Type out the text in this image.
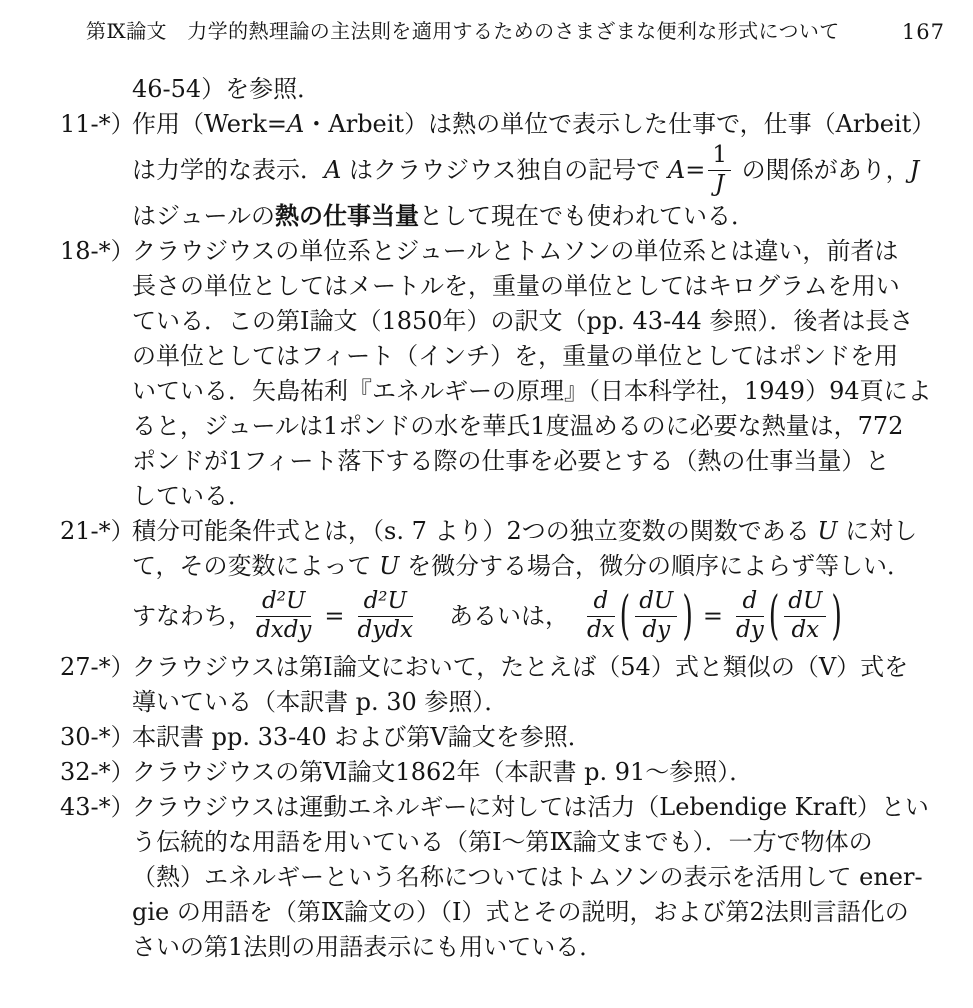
第Ⅸ論文　力学的熱理論の主法則を適用するためのさまざまな便利な形式について	167
46-54）を参照．
11-*）
作用（Werk=A・Arbeit）は熱の単位で表示した仕事で，仕事（Arbeit）
は力学的な表示． A はクラウジウス独自の記号で $A = \frac{1}{J}$ の関係があり， J
はジュールの熱の仕事当量として現在でも使われている．
18-*）
クラウジウスの単位系とジュールとトムソンの単位系とは違い，前者は
長さの単位としてはメートルを，重量の単位としてはキログラムを用い
ている．この第Ⅰ論文（1850年）の訳文（pp. 43-44 参照）．後者は長さ
の単位としてはフィート（インチ）を，重量の単位としてはポンドを用
いている．矢島祐利『エネルギーの原理』（日本科学社，1949）94頁によ
ると，ジュールは1ポンドの水を華氏1度温めるのに必要な熱量は，772
ポンドが1フィート落下する際の仕事を必要とする（熱の仕事当量）と
している．
21-*）
積分可能条件式とは，（s. 7 より）2つの独立変数の関数である U に対し
て，その変数によって U を微分する場合，微分の順序によらず等しい．
すなわち， $\frac{\text{d²U}}{\text{dxdy}} = \frac{\text{d²U}}{\text{dydx}}$ あるいは， $\frac{d}{dx}$ ( $\frac{dU}{dy}$ ) = $\frac{d}{dy}$ ( $\frac{dU}{dx}$ )
27-*）
クラウジウスは第Ⅰ論文において，たとえば（54）式と類似の（V）式を
導いている（本訳書 p. 30 参照）．
30-*）
本訳書 pp. 33-40 および第Ⅴ論文を参照．
32-*）
クラウジウスの第Ⅵ論文1862年（本訳書 p. 91～参照）．
43-*）
クラウジウスは運動エネルギーに対しては活力（Lebendige Kraft）とい
う伝統的な用語を用いている（第Ⅰ～第Ⅸ論文までも）．一方で物体の
（熱）エネルギーという名称についてはトムソンの表示を活用して ener-
gie の用語を（第Ⅸ論文の）（Ⅰ）式とその説明，および第2法則言語化の
さいの第1法則の用語表示にも用いている．
